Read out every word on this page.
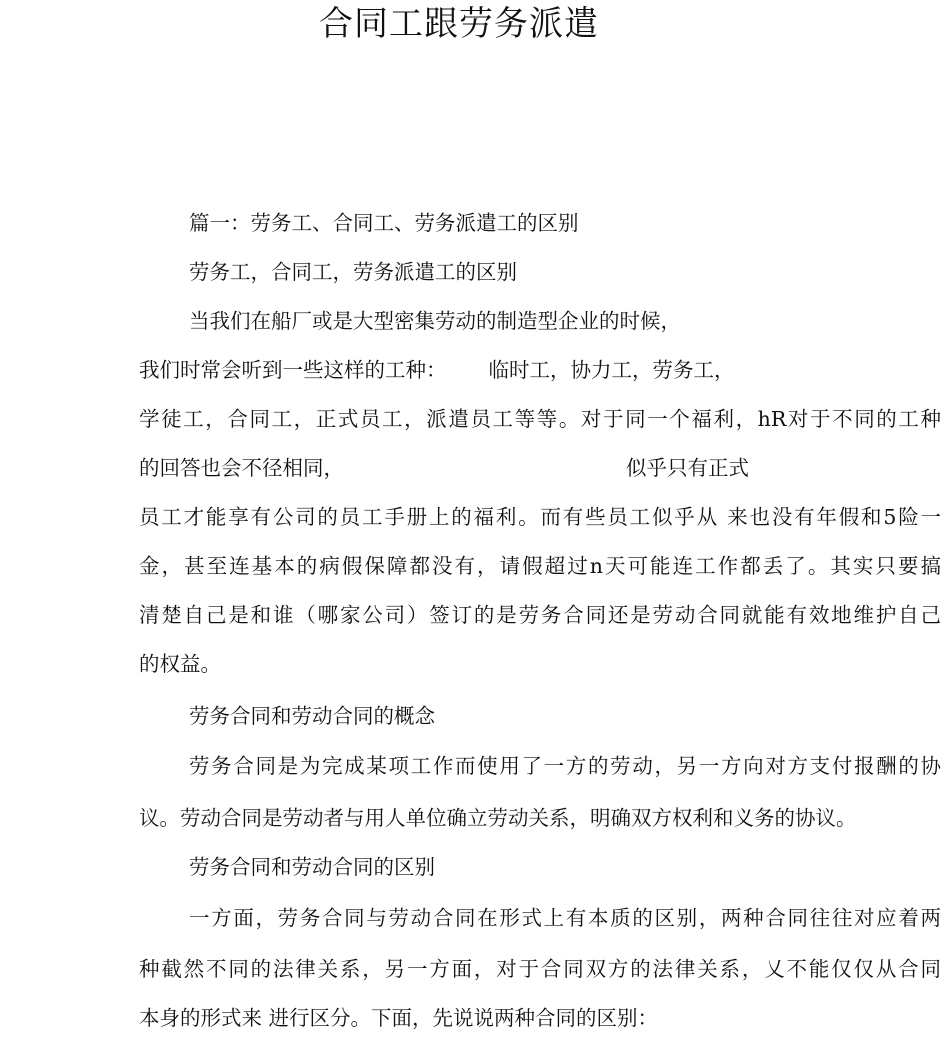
合同工跟劳务派遣
篇一：劳务工、合同工、劳务派遣工的区别
劳务工，合同工，劳务派遣工的区别
当我们在船厂或是大型密集劳动的制造型企业的时候，
我们时常会听到一些这样的工种： 临时工，协力工，劳务工，
学徒工，合同工，正式员工，派遣员工等等。对于同一个福利，hR对于不同的工种
的回答也会不径相同，	似乎只有正式
员工才能享有公司的员工手册上的福利。而有些员工似乎从 来也没有年假和5险一
金，甚至连基本的病假保障都没有，请假超过n天可能连工作都丢了。其实只要搞
清楚自己是和谁（哪家公司）签订的是劳务合同还是劳动合同就能有效地维护自己
的权益。
劳务合同和劳动合同的概念
劳务合同是为完成某项工作而使用了一方的劳动，另一方向对方支付报酬的协
议。劳动合同是劳动者与用人单位确立劳动关系，明确双方权利和义务的协议。
劳务合同和劳动合同的区别
一方面，劳务合同与劳动合同在形式上有本质的区别，两种合同往往对应着两
种截然不同的法律关系，另一方面，对于合同双方的法律关系，乂不能仅仅从合同
本身的形式来 进行区分。下面，先说说两种合同的区别：
